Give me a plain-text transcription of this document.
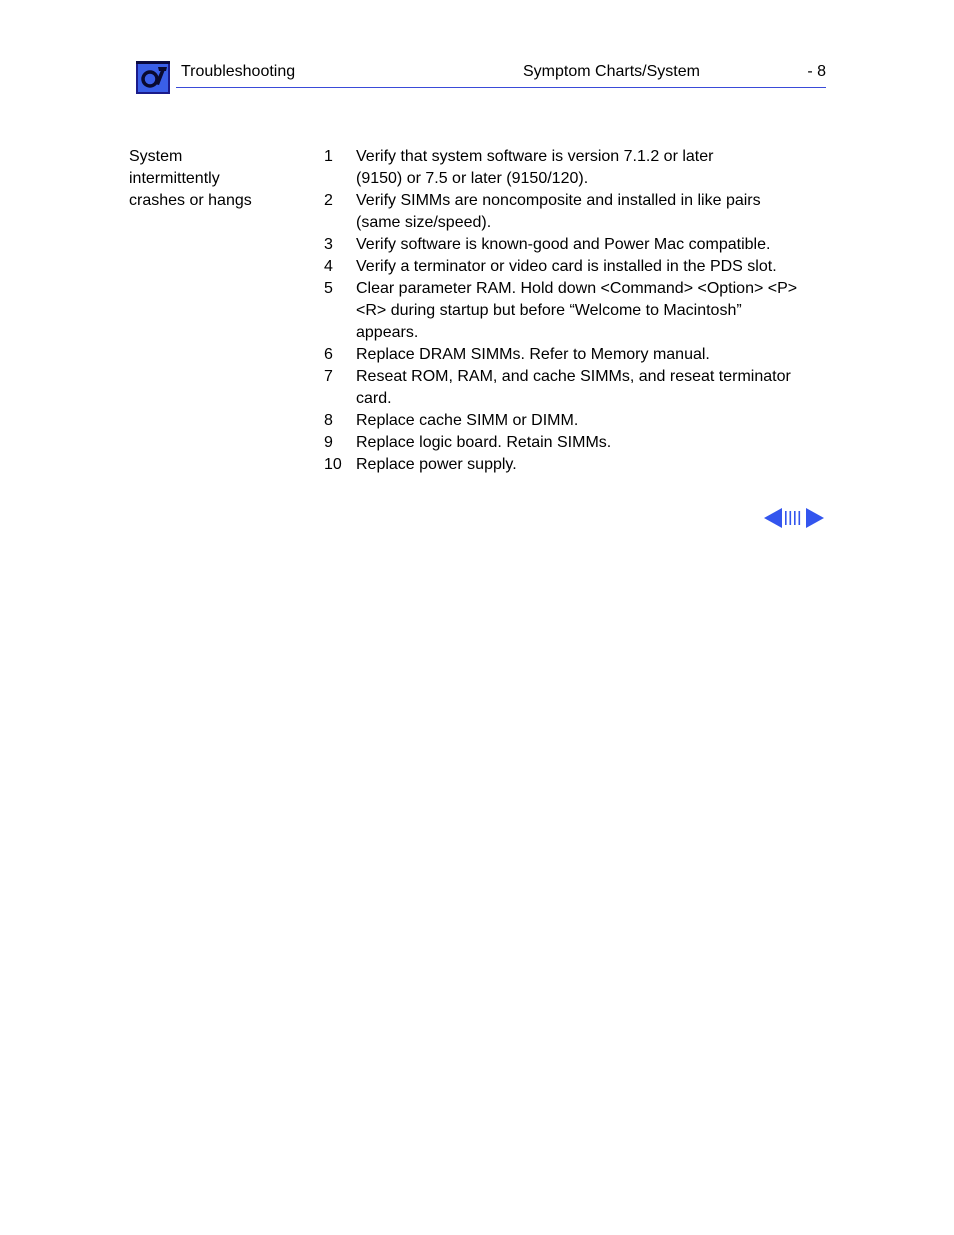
Troubleshooting	Symptom Charts/System	- 8
System
intermittently
crashes or hangs
1	Verify that system software is version 7.1.2 or later
(9150) or 7.5 or later (9150/120).
2	Verify SIMMs are noncomposite and installed in like pairs
(same size/speed).
3	Verify software is known-good and Power Mac compatible.
4	Verify a terminator or video card is installed in the PDS slot.
5	Clear parameter RAM. Hold down <Command> <Option> <P>
<R> during startup but before “Welcome to Macintosh”
appears.
6	Replace DRAM SIMMs. Refer to Memory manual.
7	Reseat ROM, RAM, and cache SIMMs, and reseat terminator
card.
8	Replace cache SIMM or DIMM.
9	Replace logic board. Retain SIMMs.
10 Replace power supply.
